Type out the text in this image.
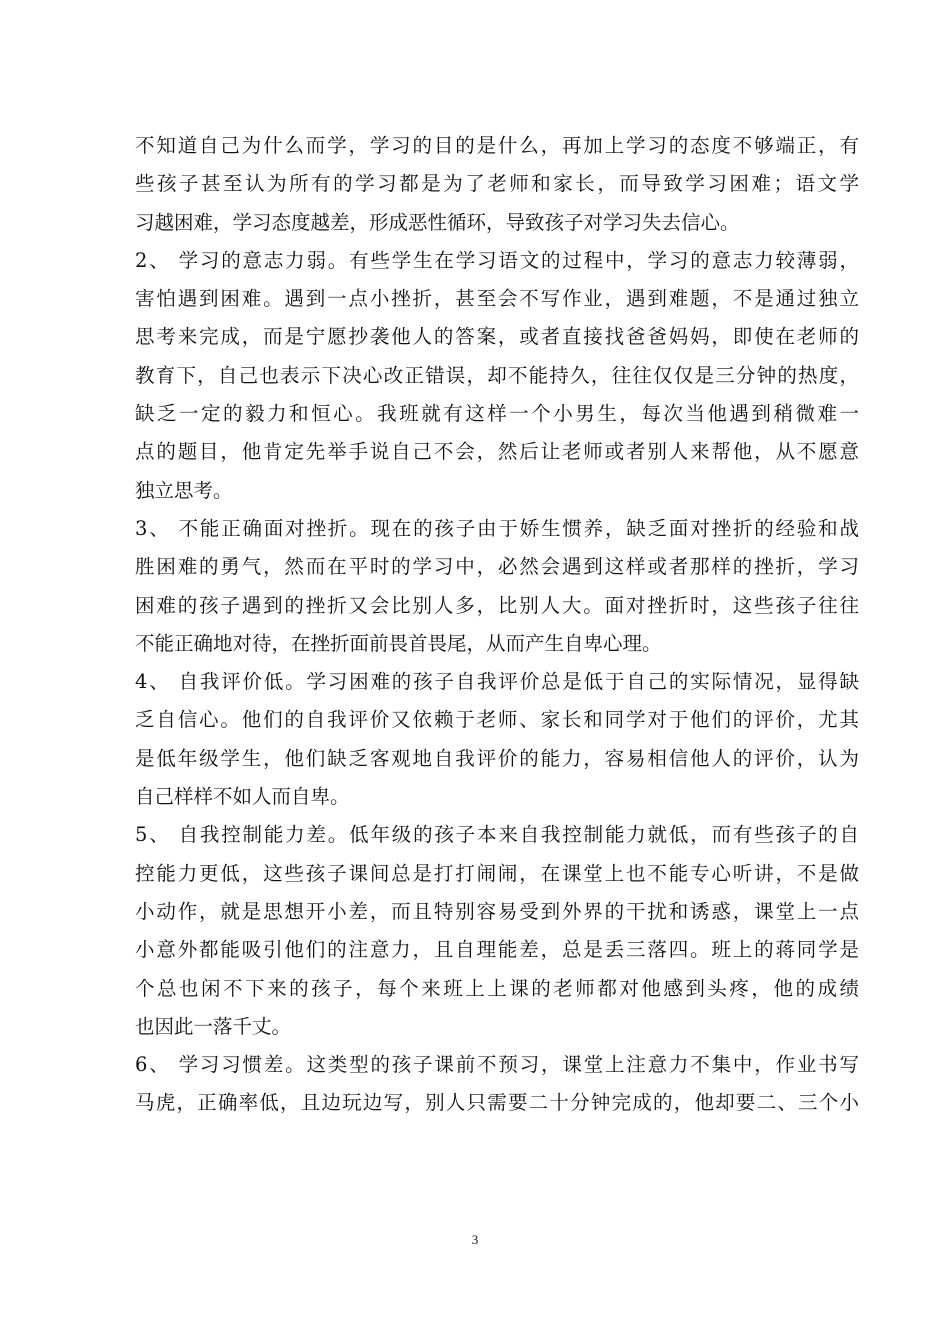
不知道自己为什么而学，学习的目的是什么，再加上学习的态度不够端正，有
些孩子甚至认为所有的学习都是为了老师和家长，而导致学习困难；语文学
习越困难，学习态度越差，形成恶性循环，导致孩子对学习失去信心。
2、 学习的意志力弱。有些学生在学习语文的过程中，学习的意志力较薄弱，
害怕遇到困难。遇到一点小挫折，甚至会不写作业，遇到难题，不是通过独立
思考来完成，而是宁愿抄袭他人的答案，或者直接找爸爸妈妈，即使在老师的
教育下，自己也表示下决心改正错误，却不能持久，往往仅仅是三分钟的热度，
缺乏一定的毅力和恒心。我班就有这样一个小男生，每次当他遇到稍微难一
点的题目，他肯定先举手说自己不会，然后让老师或者别人来帮他，从不愿意
独立思考。
3、 不能正确面对挫折。现在的孩子由于娇生惯养，缺乏面对挫折的经验和战
胜困难的勇气，然而在平时的学习中，必然会遇到这样或者那样的挫折，学习
困难的孩子遇到的挫折又会比别人多，比别人大。面对挫折时，这些孩子往往
不能正确地对待，在挫折面前畏首畏尾，从而产生自卑心理。
4、 自我评价低。学习困难的孩子自我评价总是低于自己的实际情况，显得缺
乏自信心。他们的自我评价又依赖于老师、家长和同学对于他们的评价，尤其
是低年级学生，他们缺乏客观地自我评价的能力，容易相信他人的评价，认为
自己样样不如人而自卑。
5、 自我控制能力差。低年级的孩子本来自我控制能力就低，而有些孩子的自
控能力更低，这些孩子课间总是打打闹闹，在课堂上也不能专心听讲，不是做
小动作，就是思想开小差，而且特别容易受到外界的干扰和诱惑，课堂上一点
小意外都能吸引他们的注意力，且自理能差，总是丢三落四。班上的蒋同学是
个总也闲不下来的孩子，每个来班上上课的老师都对他感到头疼，他的成绩
也因此一落千丈。
6、 学习习惯差。这类型的孩子课前不预习，课堂上注意力不集中，作业书写
马虎，正确率低，且边玩边写，别人只需要二十分钟完成的，他却要二、三个小
3
